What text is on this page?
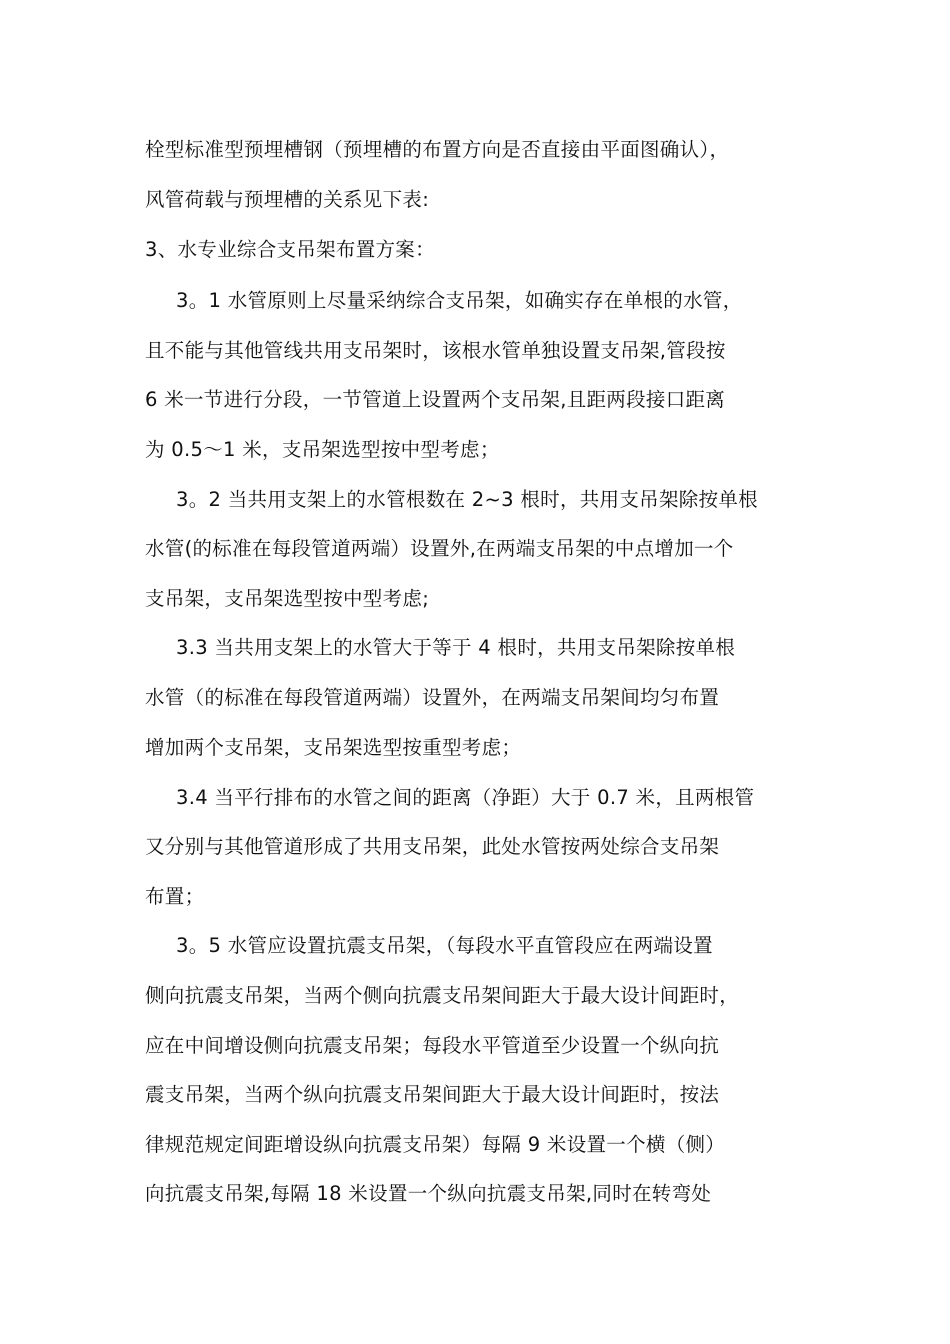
栓型标准型预埋槽钢（预埋槽的布置方向是否直接由平面图确认），
风管荷载与预埋槽的关系见下表:
3、水专业综合支吊架布置方案：
3。1 水管原则上尽量采纳综合支吊架，如确实存在单根的水管，
且不能与其他管线共用支吊架时，该根水管单独设置支吊架,管段按
6 米一节进行分段，一节管道上设置两个支吊架,且距两段接口距离
为 0.5～1 米，支吊架选型按中型考虑；
3。2 当共用支架上的水管根数在 2~3 根时，共用支吊架除按单根
水管(的标准在每段管道两端）设置外,在两端支吊架的中点增加一个
支吊架，支吊架选型按中型考虑;
3.3 当共用支架上的水管大于等于 4 根时，共用支吊架除按单根
水管（的标准在每段管道两端）设置外，在两端支吊架间均匀布置
增加两个支吊架，支吊架选型按重型考虑；
3.4 当平行排布的水管之间的距离（净距）大于 0.7 米，且两根管
又分别与其他管道形成了共用支吊架，此处水管按两处综合支吊架
布置；
3。5 水管应设置抗震支吊架，（每段水平直管段应在两端设置
侧向抗震支吊架，当两个侧向抗震支吊架间距大于最大设计间距时，
应在中间增设侧向抗震支吊架；每段水平管道至少设置一个纵向抗
震支吊架，当两个纵向抗震支吊架间距大于最大设计间距时，按法
律规范规定间距增设纵向抗震支吊架）每隔 9 米设置一个横（侧）
向抗震支吊架,每隔 18 米设置一个纵向抗震支吊架,同时在转弯处
